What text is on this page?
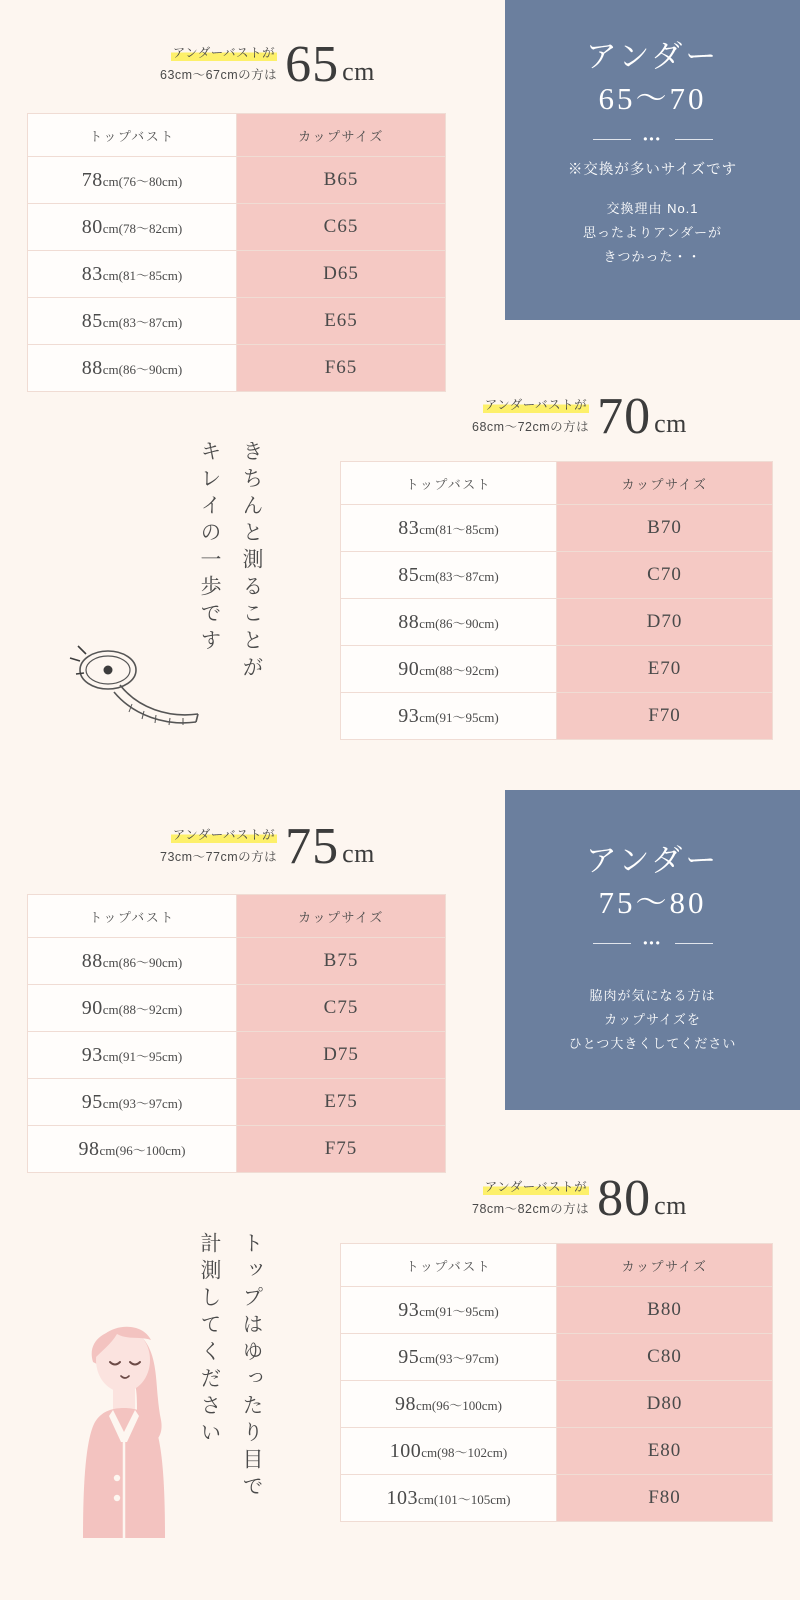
アンダー
65〜70
•••
※交換が多いサイズです
交換理由 No.1
思ったよりアンダーが
きつかった・・
アンダーバストが
63cm〜67cmの方は 65 cm
トップバスト	カップサイズ
78cm(76〜80cm)	B65
80cm(78〜82cm)	C65
83cm(81〜85cm)	D65
85cm(83〜87cm)	E65
88cm(86〜90cm)	F65
アンダーバストが
68cm〜72cmの方は 70 cm
トップバスト	カップサイズ
83cm(81〜85cm)	B70
85cm(83〜87cm)	C70
88cm(86〜90cm)	D70
90cm(88〜92cm)	E70
93cm(91〜95cm)	F70
きちんと測ることが
キレイの一歩です
アンダー
75〜80
•••
脇肉が気になる方は
カップサイズを
ひとつ大きくしてください
アンダーバストが
73cm〜77cmの方は 75 cm
トップバスト	カップサイズ
88cm(86〜90cm)	B75
90cm(88〜92cm)	C75
93cm(91〜95cm)	D75
95cm(93〜97cm)	E75
98cm(96〜100cm)	F75
アンダーバストが
78cm〜82cmの方は 80 cm
トップバスト	カップサイズ
93cm(91〜95cm)	B80
95cm(93〜97cm)	C80
98cm(96〜100cm)	D80
100cm(98〜102cm)	E80
103cm(101〜105cm)	F80
トップはゆったり目で
計測してください
